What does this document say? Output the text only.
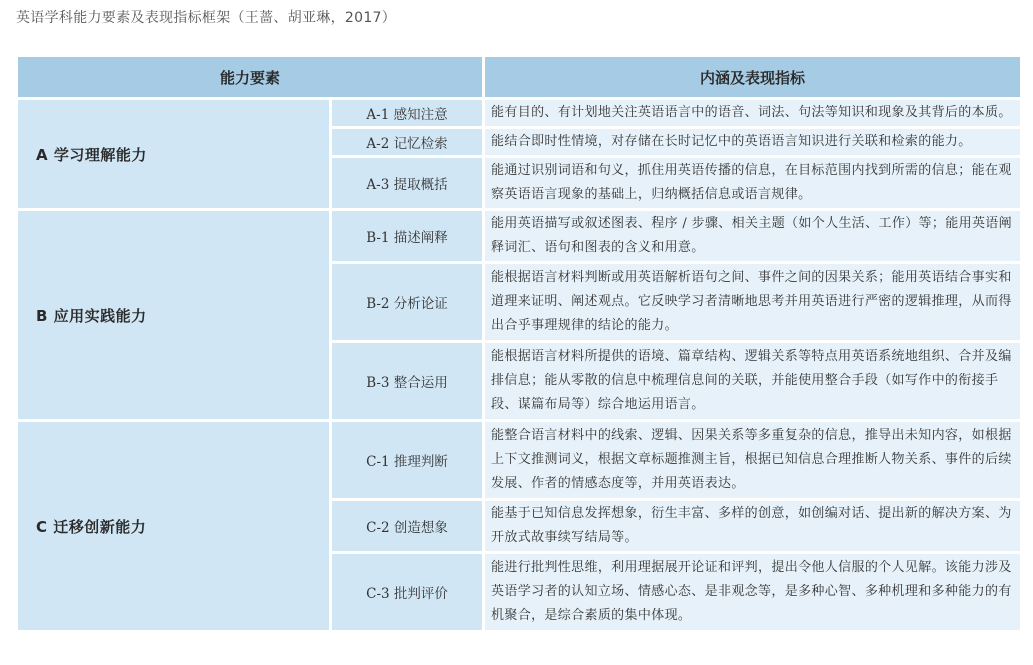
英语学科能力要素及表现指标框架（王蔷、胡亚琳，2017）
能力要素		内涵及表现指标
A 学习理解能力	A-1 感知注意	能有目的、有计划地关注英语语言中的语音、词法、句法等知识和现象及其背后的本质。
	A-2 记忆检索	能结合即时性情境，对存储在长时记忆中的英语语言知识进行关联和检索的能力。
	A-3 提取概括	能通过识别词语和句义，抓住用英语传播的信息，在目标范围内找到所需的信息；能在观察英语语言现象的基础上，归纳概括信息或语言规律。
B 应用实践能力	B-1 描述阐释	能用英语描写或叙述图表、程序 / 步骤、相关主题（如个人生活、工作）等；能用英语阐释词汇、语句和图表的含义和用意。
	B-2 分析论证	能根据语言材料判断或用英语解析语句之间、事件之间的因果关系；能用英语结合事实和道理来证明、阐述观点。它反映学习者清晰地思考并用英语进行严密的逻辑推理，从而得出合乎事理规律的结论的能力。
	B-3 整合运用	能根据语言材料所提供的语境、篇章结构、逻辑关系等特点用英语系统地组织、合并及编排信息；能从零散的信息中梳理信息间的关联，并能使用整合手段（如写作中的衔接手段、谋篇布局等）综合地运用语言。
C 迁移创新能力	C-1 推理判断	能整合语言材料中的线索、逻辑、因果关系等多重复杂的信息，推导出未知内容，如根据上下文推测词义，根据文章标题推测主旨，根据已知信息合理推断人物关系、事件的后续发展、作者的情感态度等，并用英语表达。
	C-2 创造想象	能基于已知信息发挥想象，衍生丰富、多样的创意，如创编对话、提出新的解决方案、为开放式故事续写结局等。
	C-3 批判评价	能进行批判性思维，利用理据展开论证和评判，提出令他人信服的个人见解。该能力涉及英语学习者的认知立场、情感心态、是非观念等，是多种心智、多种机理和多种能力的有机聚合，是综合素质的集中体现。
